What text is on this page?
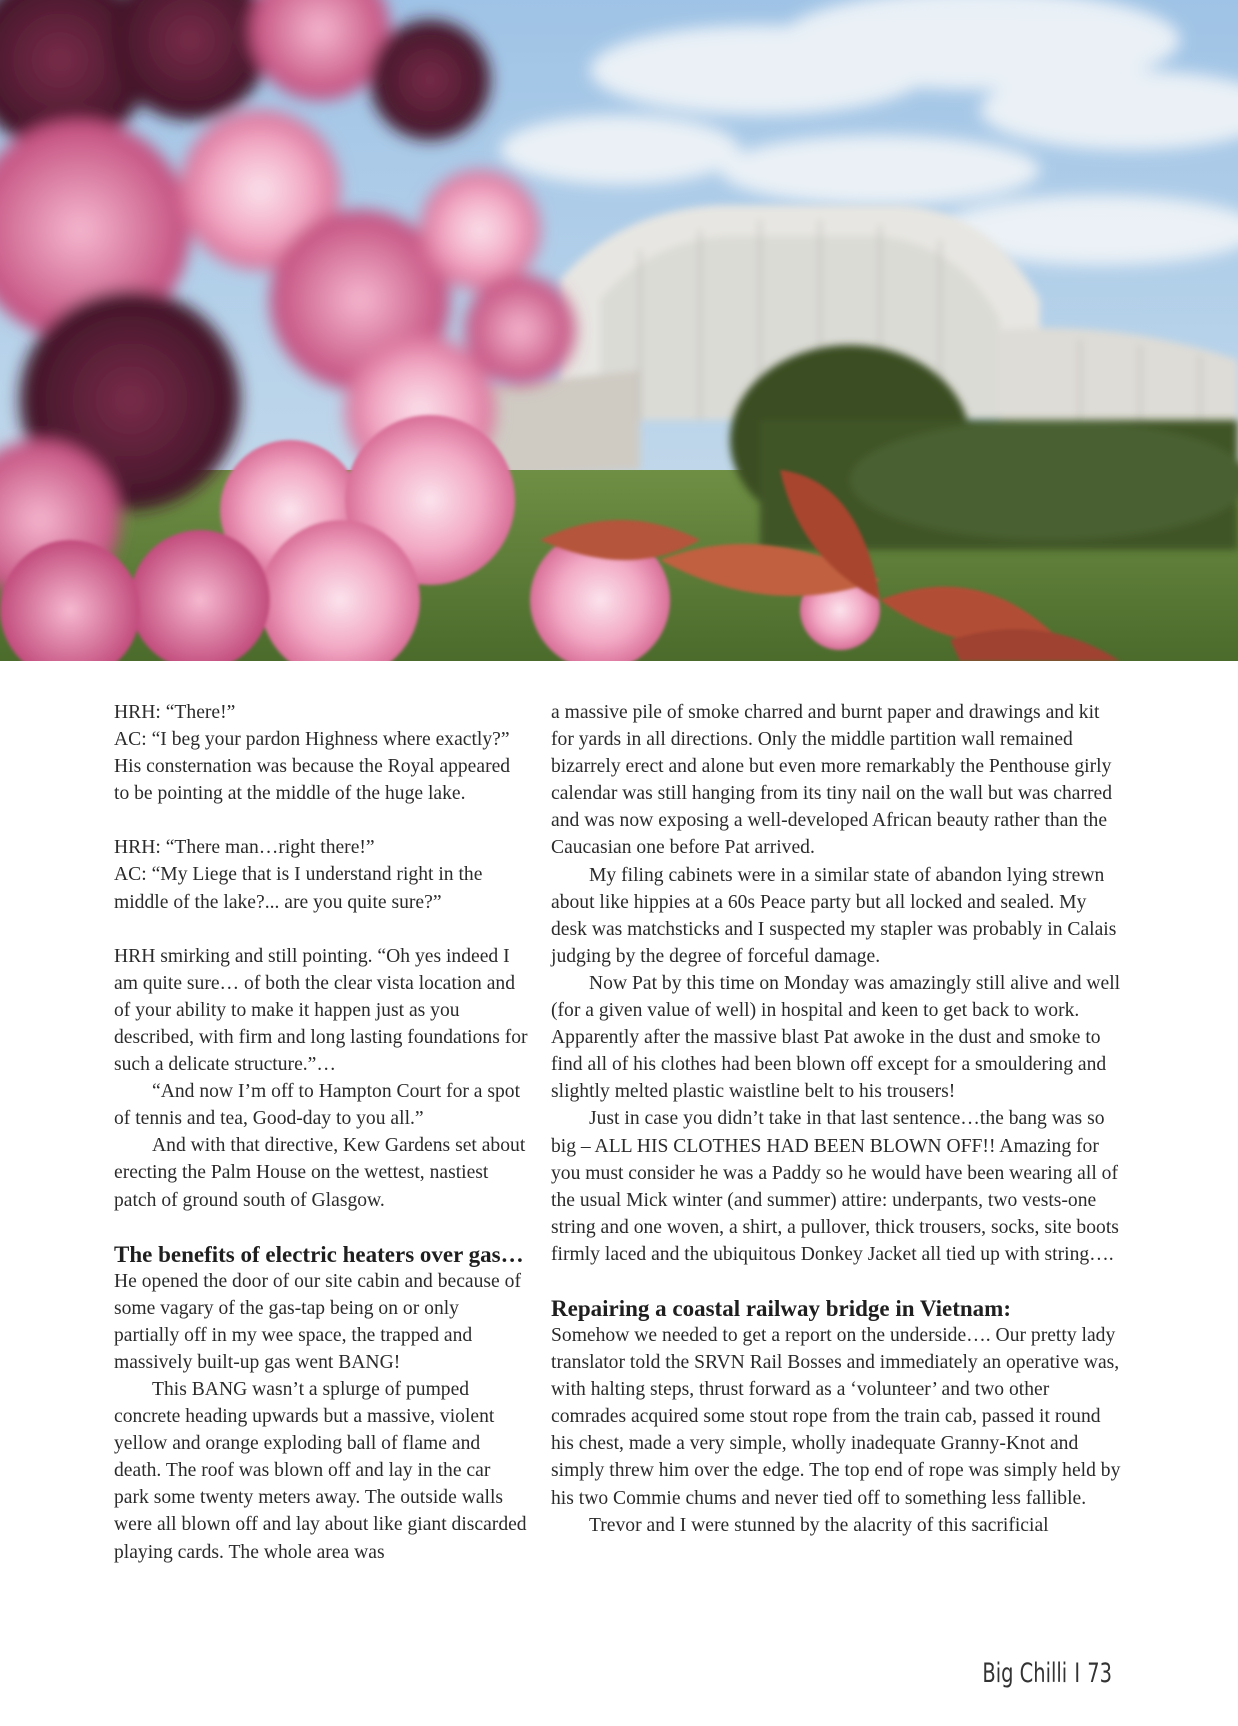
HRH: “There!”

AC: “I beg your pardon Highness where exactly?” His consternation was because the Royal appeared to be pointing at the middle of the huge lake.

HRH: “There man…right there!”

AC: “My Liege that is I understand right in the middle of the lake?... are you quite sure?”

HRH smirking and still pointing. “Oh yes indeed I am quite sure… of both the clear vista location and of your ability to make it happen just as you described, with firm and long lasting foundations for such a delicate structure.”…

“And now I’m off to Hampton Court for a spot of tennis and tea, Good-day to you all.”

And with that directive, Kew Gardens set about erecting the Palm House on the wettest, nastiest patch of ground south of Glasgow.

The benefits of electric heaters over gas…

He opened the door of our site cabin and because of some vagary of the gas-tap being on or only partially off in my wee space, the trapped and massively built-up gas went BANG!

This BANG wasn’t a splurge of pumped concrete heading upwards but a massive, violent yellow and orange exploding ball of flame and death. The roof was blown off and lay in the car park some twenty meters away. The outside walls were all blown off and lay about like giant discarded playing cards. The whole area was

a massive pile of smoke charred and burnt paper and drawings and kit for yards in all directions. Only the middle partition wall remained bizarrely erect and alone but even more remarkably the Penthouse girly calendar was still hanging from its tiny nail on the wall but was charred and was now exposing a well-developed African beauty rather than the Caucasian one before Pat arrived.

My filing cabinets were in a similar state of abandon lying strewn about like hippies at a 60s Peace party but all locked and sealed. My desk was matchsticks and I suspected my stapler was probably in Calais judging by the degree of forceful damage.

Now Pat by this time on Monday was amazingly still alive and well (for a given value of well) in hospital and keen to get back to work. Apparently after the massive blast Pat awoke in the dust and smoke to find all of his clothes had been blown off except for a smouldering and slightly melted plastic waistline belt to his trousers!

Just in case you didn’t take in that last sentence…the bang was so big – ALL HIS CLOTHES HAD BEEN BLOWN OFF!! Amazing for you must consider he was a Paddy so he would have been wearing all of the usual Mick winter (and summer) attire: underpants, two vests-one string and one woven, a shirt, a pullover, thick trousers, socks, site boots firmly laced and the ubiquitous Donkey Jacket all tied up with string….

Repairing a coastal railway bridge in Vietnam:

Somehow we needed to get a report on the underside…. Our pretty lady translator told the SRVN Rail Bosses and immediately an operative was, with halting steps, thrust forward as a ‘volunteer’ and two other comrades acquired some stout rope from the train cab, passed it round his chest, made a very simple, wholly inadequate Granny-Knot and simply threw him over the edge. The top end of rope was simply held by his two Commie chums and never tied off to something less fallible.

Trevor and I were stunned by the alacrity of this sacrificial

Big Chilli I 73
